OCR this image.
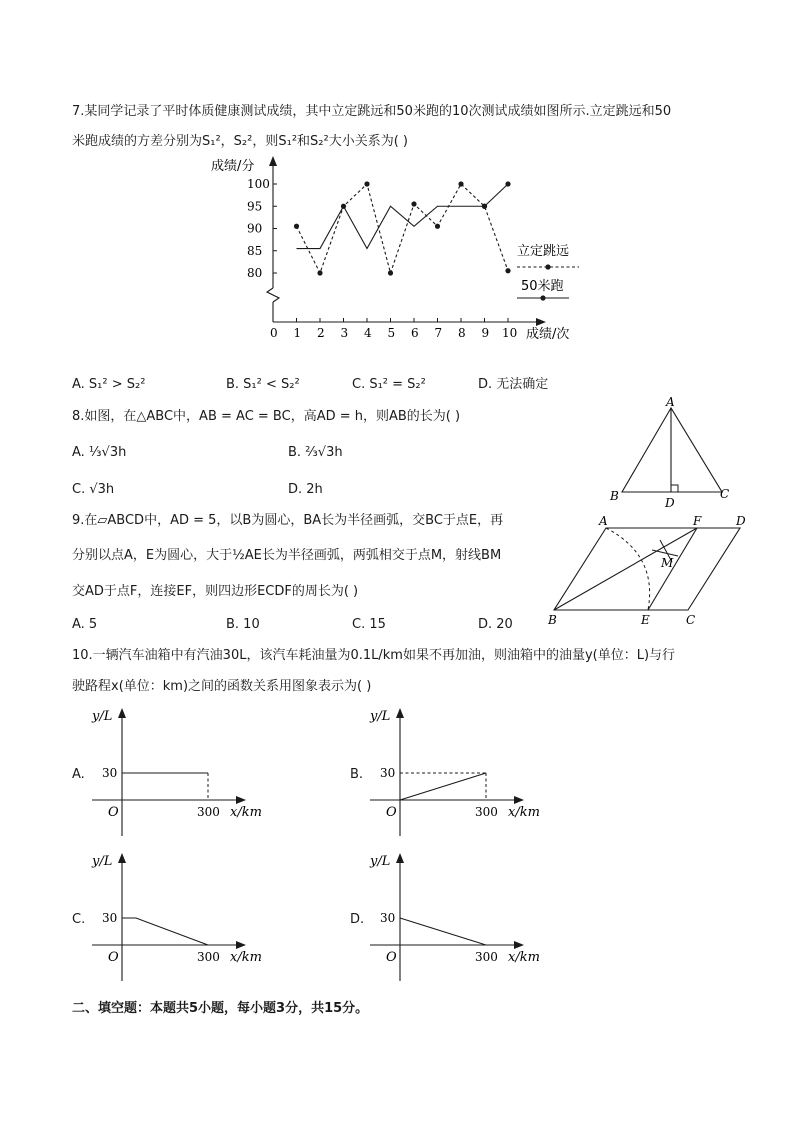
7.某同学记录了平时体质健康测试成绩，其中立定跳远和50米跑的10次测试成绩如图所示.立定跳远和50
米跑成绩的方差分别为S₁²，S₂²，则S₁²和S₂²大小关系为( )
成绩/分
成绩/次
80
85
90
95
100
0 1 2 3 4 5 6 7 8 9 10
立定跳远
50米跑
A. S₁² > S₂²	B. S₁² < S₂²	C. S₁² = S₂²	D. 无法确定
8.如图，在△ABC中，AB = AC = BC，高AD = h，则AB的长为( )
A. ⅓√3h	B. ⅔√3h
C. √3h	D. 2h
A
B	C
D
9.在▱ABCD中，AD = 5，以B为圆心，BA长为半径画弧，交BC于点E，再
分别以点A，E为圆心，大于½AE长为半径画弧，两弧相交于点M，射线BM
交AD于点F，连接EF，则四边形ECDF的周长为( )
A. 5	B. 10	C. 15	D. 20
A	F	D
M
B	E	C
10.一辆汽车油箱中有汽油30L，该汽车耗油量为0.1L/km如果不再加油，则油箱中的油量y(单位：L)与行
驶路程x(单位：km)之间的函数关系用图象表示为( )
A.
y/L
x/km
O
30
300
B.
y/L
x/km
O
30
300
C.
y/L
x/km
O
30
300
D.
y/L
x/km
O
30
300
二、填空题：本题共5小题，每小题3分，共15分。
